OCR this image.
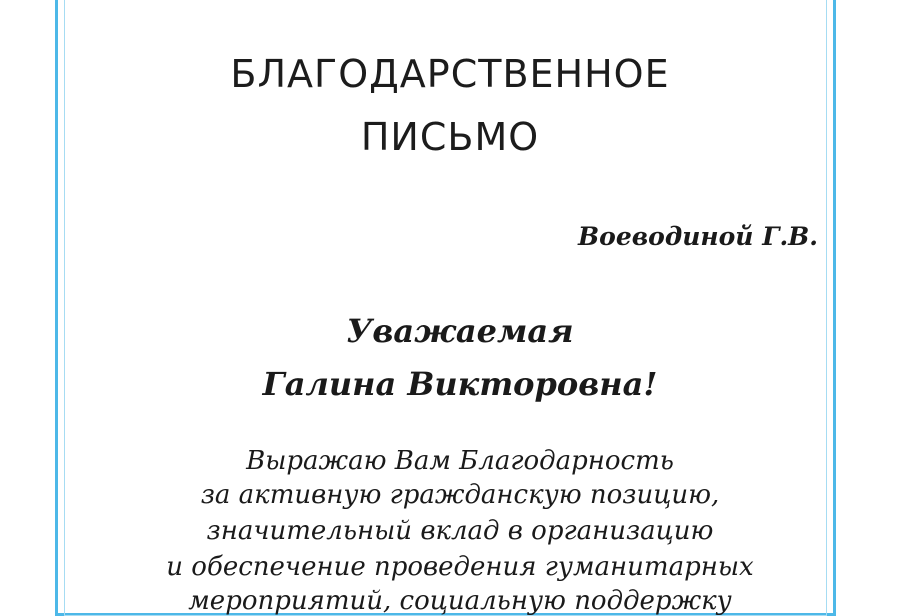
БЛАГОДАРСТВЕННОЕ
ПИСЬМО

Воеводиной Г.В.

Уважаемая

Галина Викторовна!

Выражаю Вам Благодарность

за активную гражданскую позицию,

значительный вклад в организацию

и обеспечение проведения гуманитарных

мероприятий, социальную поддержку
